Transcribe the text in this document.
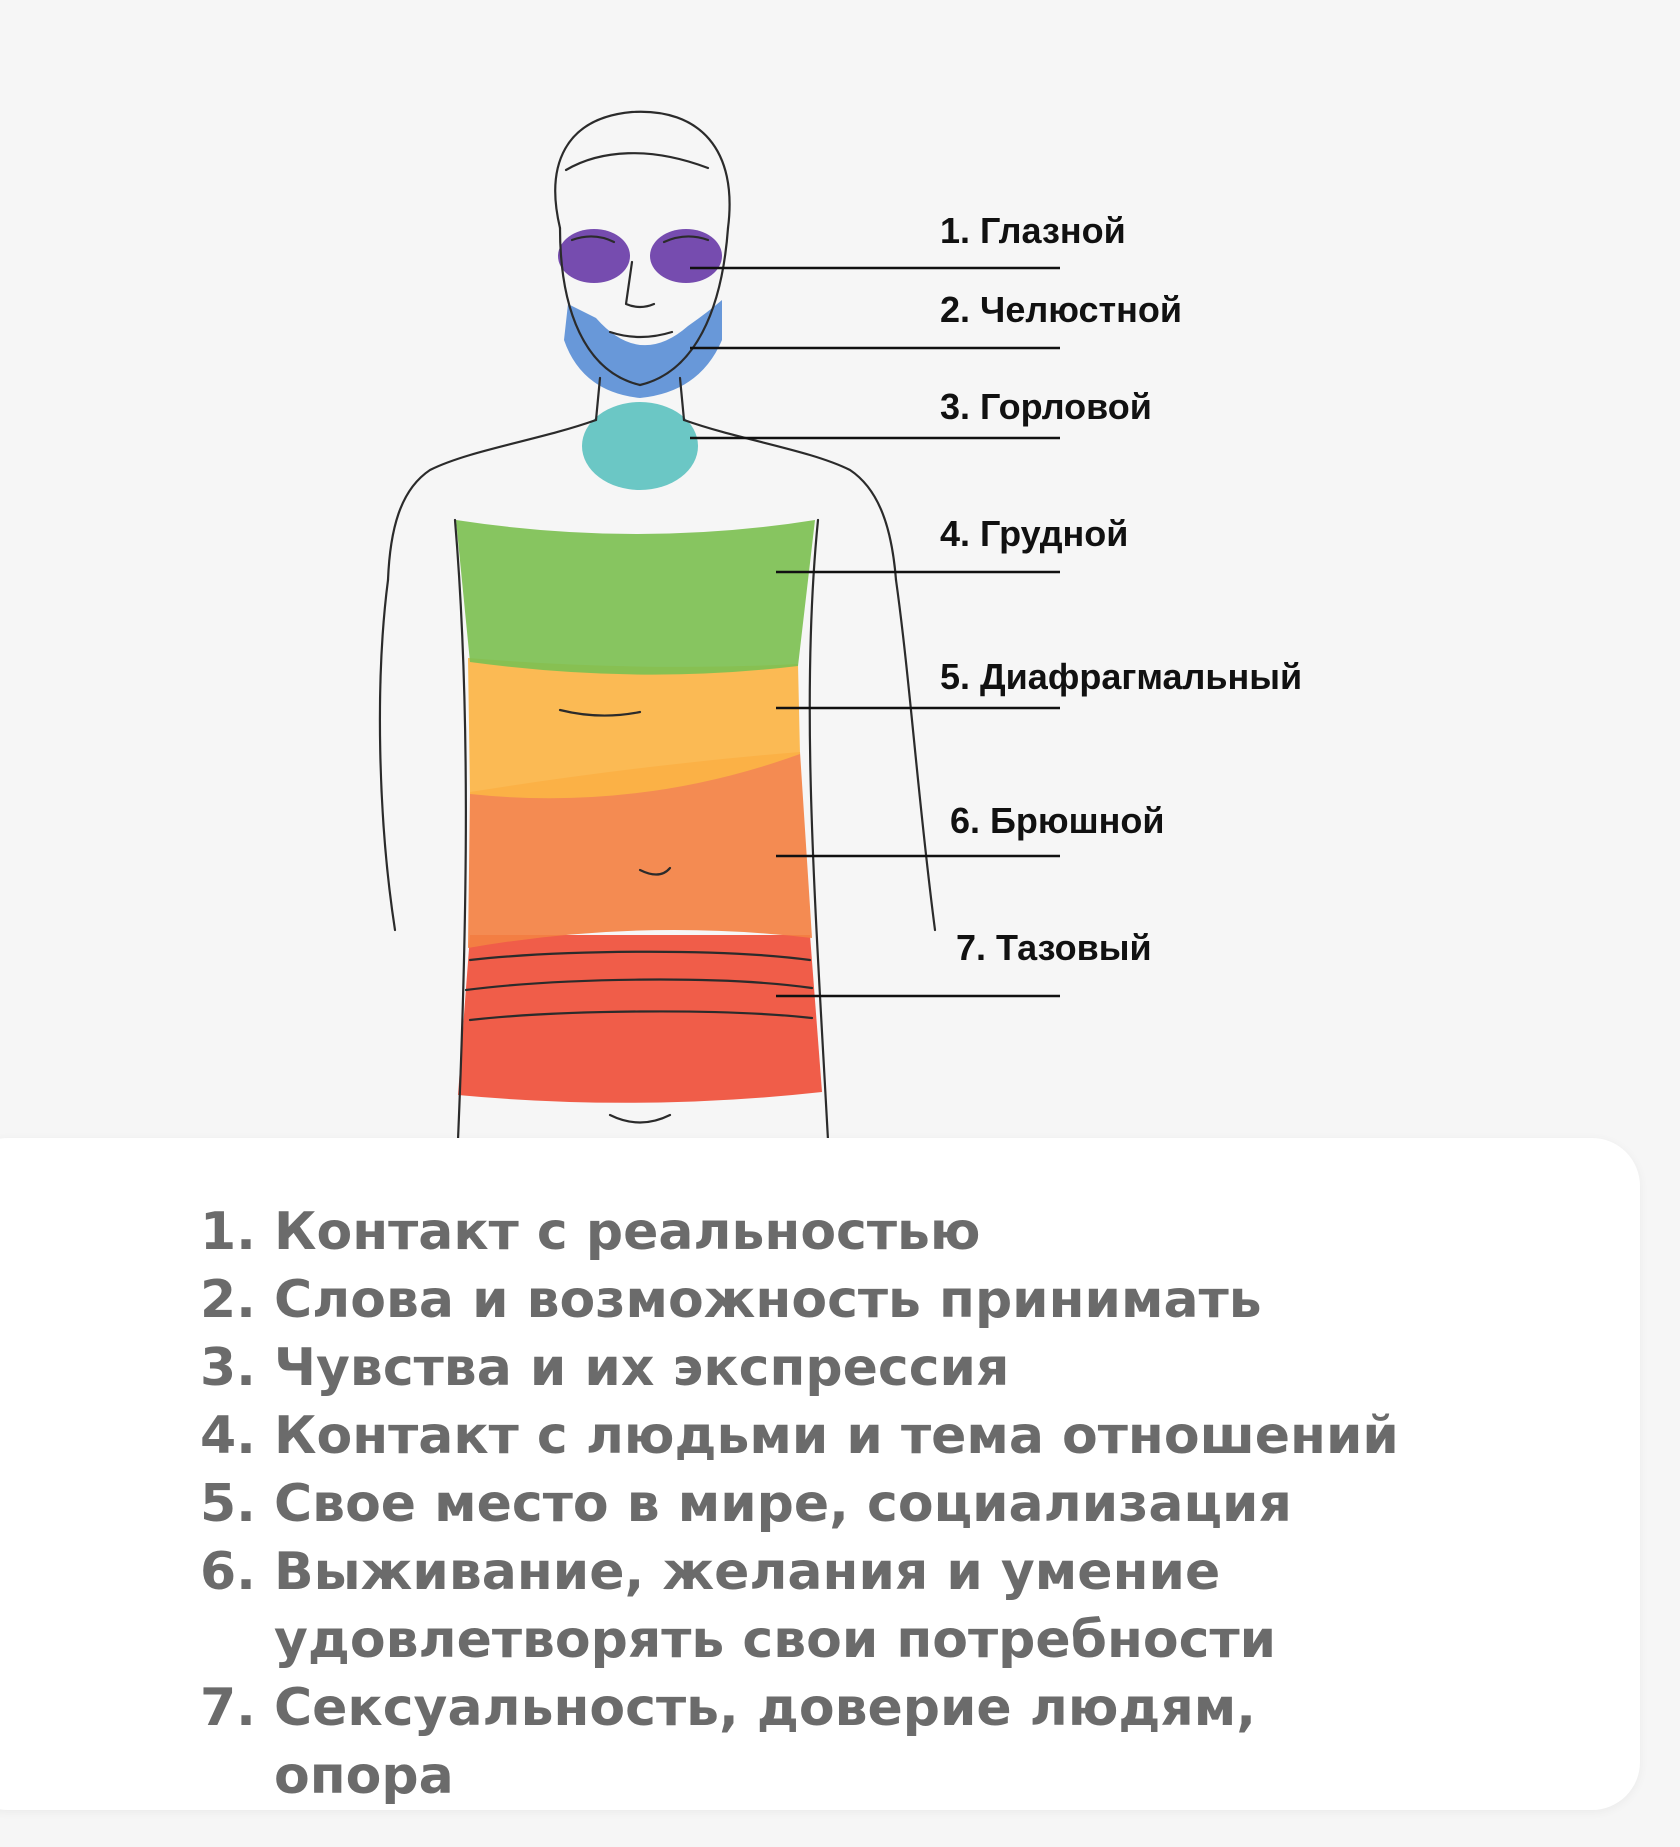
1. Глазной
2. Челюстной
3. Горловой
4. Грудной
5. Диафрагмальный
6. Брюшной
7. Тазовый
1. Контакт с реальностью
2. Слова и возможность принимать
3. Чувства и их экспрессия
4. Контакт с людьми и тема отношений
5. Свое место в мире, социализация
6. Выживание, желания и умение удовлетворять свои потребности
7. Сексуальность, доверие людям, опора
